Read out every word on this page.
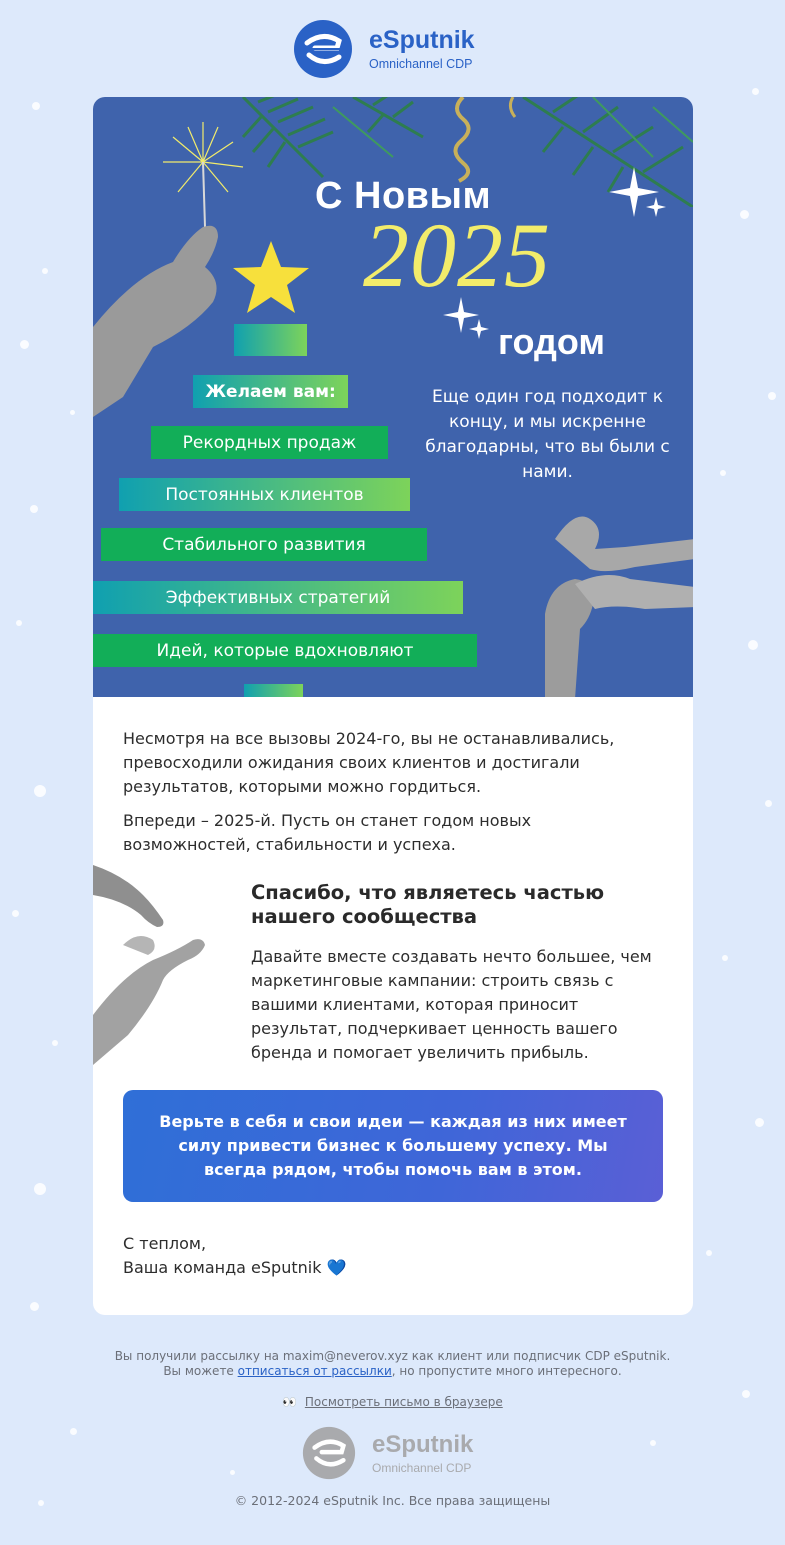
eSputnik
Omnichannel CDP
С Новым
2025
годом
Желаем вам:
Рекордных продаж
Постоянных клиентов
Стабильного развития
Эффективных стратегий
Идей, которые вдохновляют
Еще один год подходит к концу, и мы искренне благодарны, что вы были с нами.
Несмотря на все вызовы 2024-го, вы не останавливались, превосходили ожидания своих клиентов и достигали результатов, которыми можно гордиться.
Впереди – 2025-й. Пусть он станет годом новых возможностей, стабильности и успеха.
Спасибо, что являетесь частью нашего сообщества
Давайте вместе создавать нечто большее, чем маркетинговые кампании: строить связь с вашими клиентами, которая приносит результат, подчеркивает ценность вашего бренда и помогает увеличить прибыль.
Верьте в себя и свои идеи — каждая из них имеет силу привести бизнес к большему успеху. Мы всегда рядом, чтобы помочь вам в этом.
С теплом,
Ваша команда eSputnik 💙
Вы получили рассылку на maxim@neverov.xyz как клиент или подписчик CDP eSputnik. Вы можете отписаться от рассылки, но пропустите много интересного.
👀 Посмотреть письмо в браузере
eSputnik
Omnichannel CDP
© 2012-2024 eSputnik Inc. Все права защищены
